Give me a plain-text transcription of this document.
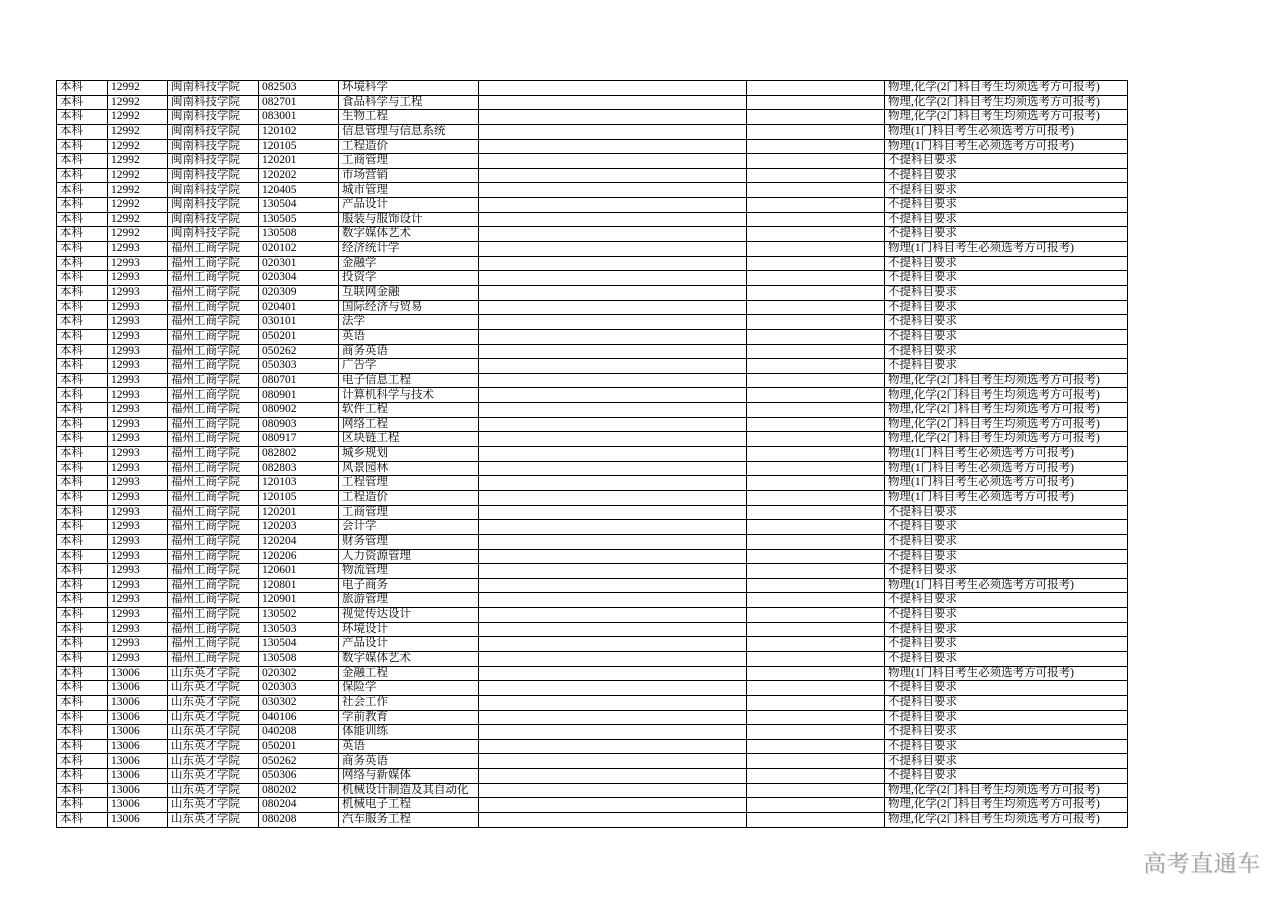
本科	12992	闽南科技学院	082503	环境科学			物理,化学(2门科目考生均须选考方可报考)
本科	12992	闽南科技学院	082701	食品科学与工程			物理,化学(2门科目考生均须选考方可报考)
本科	12992	闽南科技学院	083001	生物工程			物理,化学(2门科目考生均须选考方可报考)
本科	12992	闽南科技学院	120102	信息管理与信息系统			物理(1门科目考生必须选考方可报考)
本科	12992	闽南科技学院	120105	工程造价			物理(1门科目考生必须选考方可报考)
本科	12992	闽南科技学院	120201	工商管理			不提科目要求
本科	12992	闽南科技学院	120202	市场营销			不提科目要求
本科	12992	闽南科技学院	120405	城市管理			不提科目要求
本科	12992	闽南科技学院	130504	产品设计			不提科目要求
本科	12992	闽南科技学院	130505	服装与服饰设计			不提科目要求
本科	12992	闽南科技学院	130508	数字媒体艺术			不提科目要求
本科	12993	福州工商学院	020102	经济统计学			物理(1门科目考生必须选考方可报考)
本科	12993	福州工商学院	020301	金融学			不提科目要求
本科	12993	福州工商学院	020304	投资学			不提科目要求
本科	12993	福州工商学院	020309	互联网金融			不提科目要求
本科	12993	福州工商学院	020401	国际经济与贸易			不提科目要求
本科	12993	福州工商学院	030101	法学			不提科目要求
本科	12993	福州工商学院	050201	英语			不提科目要求
本科	12993	福州工商学院	050262	商务英语			不提科目要求
本科	12993	福州工商学院	050303	广告学			不提科目要求
本科	12993	福州工商学院	080701	电子信息工程			物理,化学(2门科目考生均须选考方可报考)
本科	12993	福州工商学院	080901	计算机科学与技术			物理,化学(2门科目考生均须选考方可报考)
本科	12993	福州工商学院	080902	软件工程			物理,化学(2门科目考生均须选考方可报考)
本科	12993	福州工商学院	080903	网络工程			物理,化学(2门科目考生均须选考方可报考)
本科	12993	福州工商学院	080917	区块链工程			物理,化学(2门科目考生均须选考方可报考)
本科	12993	福州工商学院	082802	城乡规划			物理(1门科目考生必须选考方可报考)
本科	12993	福州工商学院	082803	风景园林			物理(1门科目考生必须选考方可报考)
本科	12993	福州工商学院	120103	工程管理			物理(1门科目考生必须选考方可报考)
本科	12993	福州工商学院	120105	工程造价			物理(1门科目考生必须选考方可报考)
本科	12993	福州工商学院	120201	工商管理			不提科目要求
本科	12993	福州工商学院	120203	会计学			不提科目要求
本科	12993	福州工商学院	120204	财务管理			不提科目要求
本科	12993	福州工商学院	120206	人力资源管理			不提科目要求
本科	12993	福州工商学院	120601	物流管理			不提科目要求
本科	12993	福州工商学院	120801	电子商务			物理(1门科目考生必须选考方可报考)
本科	12993	福州工商学院	120901	旅游管理			不提科目要求
本科	12993	福州工商学院	130502	视觉传达设计			不提科目要求
本科	12993	福州工商学院	130503	环境设计			不提科目要求
本科	12993	福州工商学院	130504	产品设计			不提科目要求
本科	12993	福州工商学院	130508	数字媒体艺术			不提科目要求
本科	13006	山东英才学院	020302	金融工程			物理(1门科目考生必须选考方可报考)
本科	13006	山东英才学院	020303	保险学			不提科目要求
本科	13006	山东英才学院	030302	社会工作			不提科目要求
本科	13006	山东英才学院	040106	学前教育			不提科目要求
本科	13006	山东英才学院	040208	体能训练			不提科目要求
本科	13006	山东英才学院	050201	英语			不提科目要求
本科	13006	山东英才学院	050262	商务英语			不提科目要求
本科	13006	山东英才学院	050306	网络与新媒体			不提科目要求
本科	13006	山东英才学院	080202	机械设计制造及其自动化			物理,化学(2门科目考生均须选考方可报考)
本科	13006	山东英才学院	080204	机械电子工程			物理,化学(2门科目考生均须选考方可报考)
本科	13006	山东英才学院	080208	汽车服务工程			物理,化学(2门科目考生均须选考方可报考)
高考直通车
